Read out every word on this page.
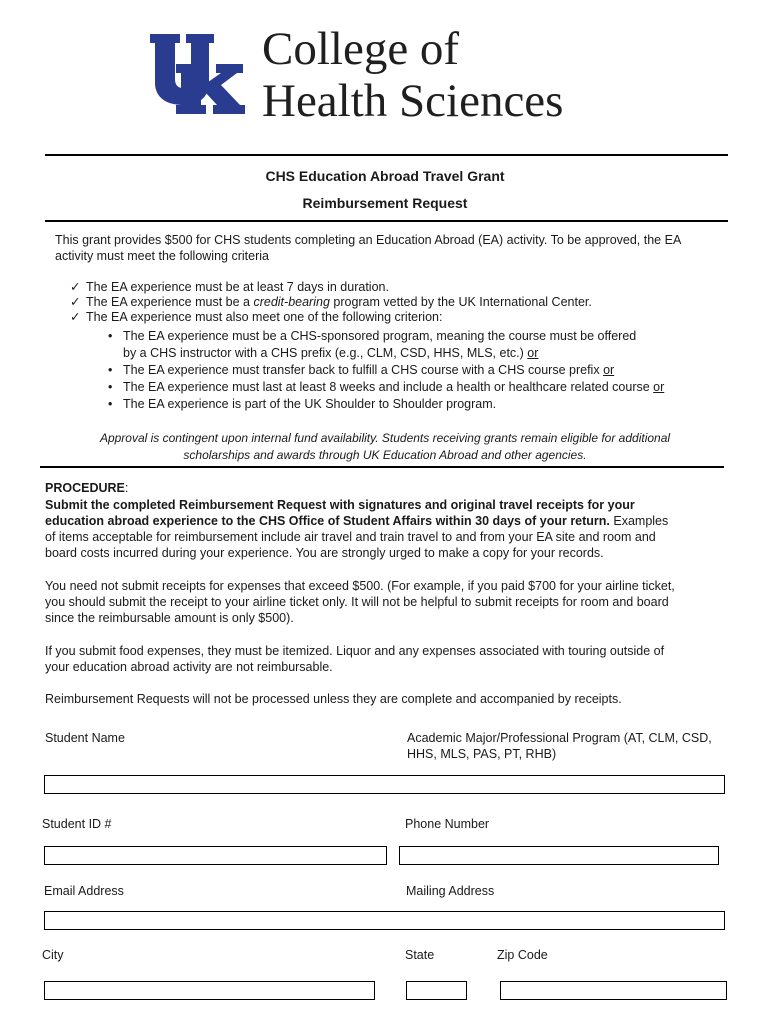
College of
Health Sciences
CHS Education Abroad Travel Grant
Reimbursement Request
This grant provides $500 for CHS students completing an Education Abroad (EA) activity. To be approved, the EA
activity must meet the following criteria
✓ The EA experience must be at least 7 days in duration.
✓ The EA experience must be a credit-bearing program vetted by the UK International Center.
✓ The EA experience must also meet one of the following criterion:
• The EA experience must be a CHS-sponsored program, meaning the course must be offered
by a CHS instructor with a CHS prefix (e.g., CLM, CSD, HHS, MLS, etc.) or
• The EA experience must transfer back to fulfill a CHS course with a CHS course prefix or
• The EA experience must last at least 8 weeks and include a health or healthcare related course or
• The EA experience is part of the UK Shoulder to Shoulder program.
Approval is contingent upon internal fund availability. Students receiving grants remain eligible for additional
scholarships and awards through UK Education Abroad and other agencies.
PROCEDURE:
Submit the completed Reimbursement Request with signatures and original travel receipts for your
education abroad experience to the CHS Office of Student Affairs within 30 days of your return. Examples
of items acceptable for reimbursement include air travel and train travel to and from your EA site and room and
board costs incurred during your experience. You are strongly urged to make a copy for your records.
You need not submit receipts for expenses that exceed $500. (For example, if you paid $700 for your airline ticket,
you should submit the receipt to your airline ticket only. It will not be helpful to submit receipts for room and board
since the reimbursable amount is only $500).
If you submit food expenses, they must be itemized. Liquor and any expenses associated with touring outside of
your education abroad activity are not reimbursable.
Reimbursement Requests will not be processed unless they are complete and accompanied by receipts.
Student Name	Academic Major/Professional Program (AT, CLM, CSD,
HHS, MLS, PAS, PT, RHB)
Student ID #	Phone Number
Email Address	Mailing Address
City	State	Zip Code
